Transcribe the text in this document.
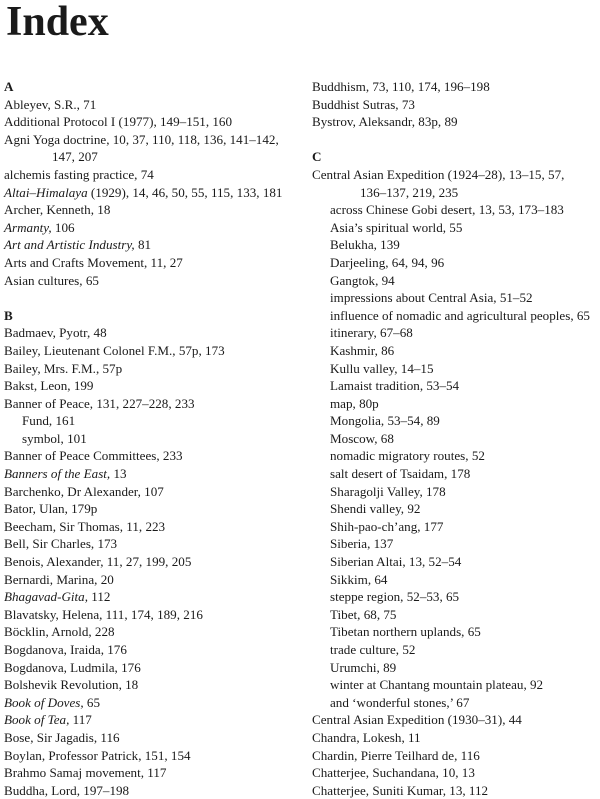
Index
A
Ableyev, S.R., 71
Additional Protocol I (1977), 149–151, 160
Agni Yoga doctrine, 10, 37, 110, 118, 136, 141–142,
147, 207
alchemis fasting practice, 74
Altai–Himalaya (1929), 14, 46, 50, 55, 115, 133, 181
Archer, Kenneth, 18
Armanty, 106
Art and Artistic Industry, 81
Arts and Crafts Movement, 11, 27
Asian cultures, 65
B
Badmaev, Pyotr, 48
Bailey, Lieutenant Colonel F.M., 57p, 173
Bailey, Mrs. F.M., 57p
Bakst, Leon, 199
Banner of Peace, 131, 227–228, 233
Fund, 161
symbol, 101
Banner of Peace Committees, 233
Banners of the East, 13
Barchenko, Dr Alexander, 107
Bator, Ulan, 179p
Beecham, Sir Thomas, 11, 223
Bell, Sir Charles, 173
Benois, Alexander, 11, 27, 199, 205
Bernardi, Marina, 20
Bhagavad-Gita, 112
Blavatsky, Helena, 111, 174, 189, 216
Böcklin, Arnold, 228
Bogdanova, Iraida, 176
Bogdanova, Ludmila, 176
Bolshevik Revolution, 18
Book of Doves, 65
Book of Tea, 117
Bose, Sir Jagadis, 116
Boylan, Professor Patrick, 151, 154
Brahmo Samaj movement, 117
Buddha, Lord, 197–198
Buddhism, 73, 110, 174, 196–198
Buddhist Sutras, 73
Bystrov, Aleksandr, 83p, 89
C
Central Asian Expedition (1924–28), 13–15, 57,
136–137, 219, 235
across Chinese Gobi desert, 13, 53, 173–183
Asia’s spiritual world, 55
Belukha, 139
Darjeeling, 64, 94, 96
Gangtok, 94
impressions about Central Asia, 51–52
influence of nomadic and agricultural peoples, 65
itinerary, 67–68
Kashmir, 86
Kullu valley, 14–15
Lamaist tradition, 53–54
map, 80p
Mongolia, 53–54, 89
Moscow, 68
nomadic migratory routes, 52
salt desert of Tsaidam, 178
Sharagolji Valley, 178
Shendi valley, 92
Shih-pao-ch’ang, 177
Siberia, 137
Siberian Altai, 13, 52–54
Sikkim, 64
steppe region, 52–53, 65
Tibet, 68, 75
Tibetan northern uplands, 65
trade culture, 52
Urumchi, 89
winter at Chantang mountain plateau, 92
and ‘wonderful stones,’ 67
Central Asian Expedition (1930–31), 44
Chandra, Lokesh, 11
Chardin, Pierre Teilhard de, 116
Chatterjee, Suchandana, 10, 13
Chatterjee, Suniti Kumar, 13, 112
